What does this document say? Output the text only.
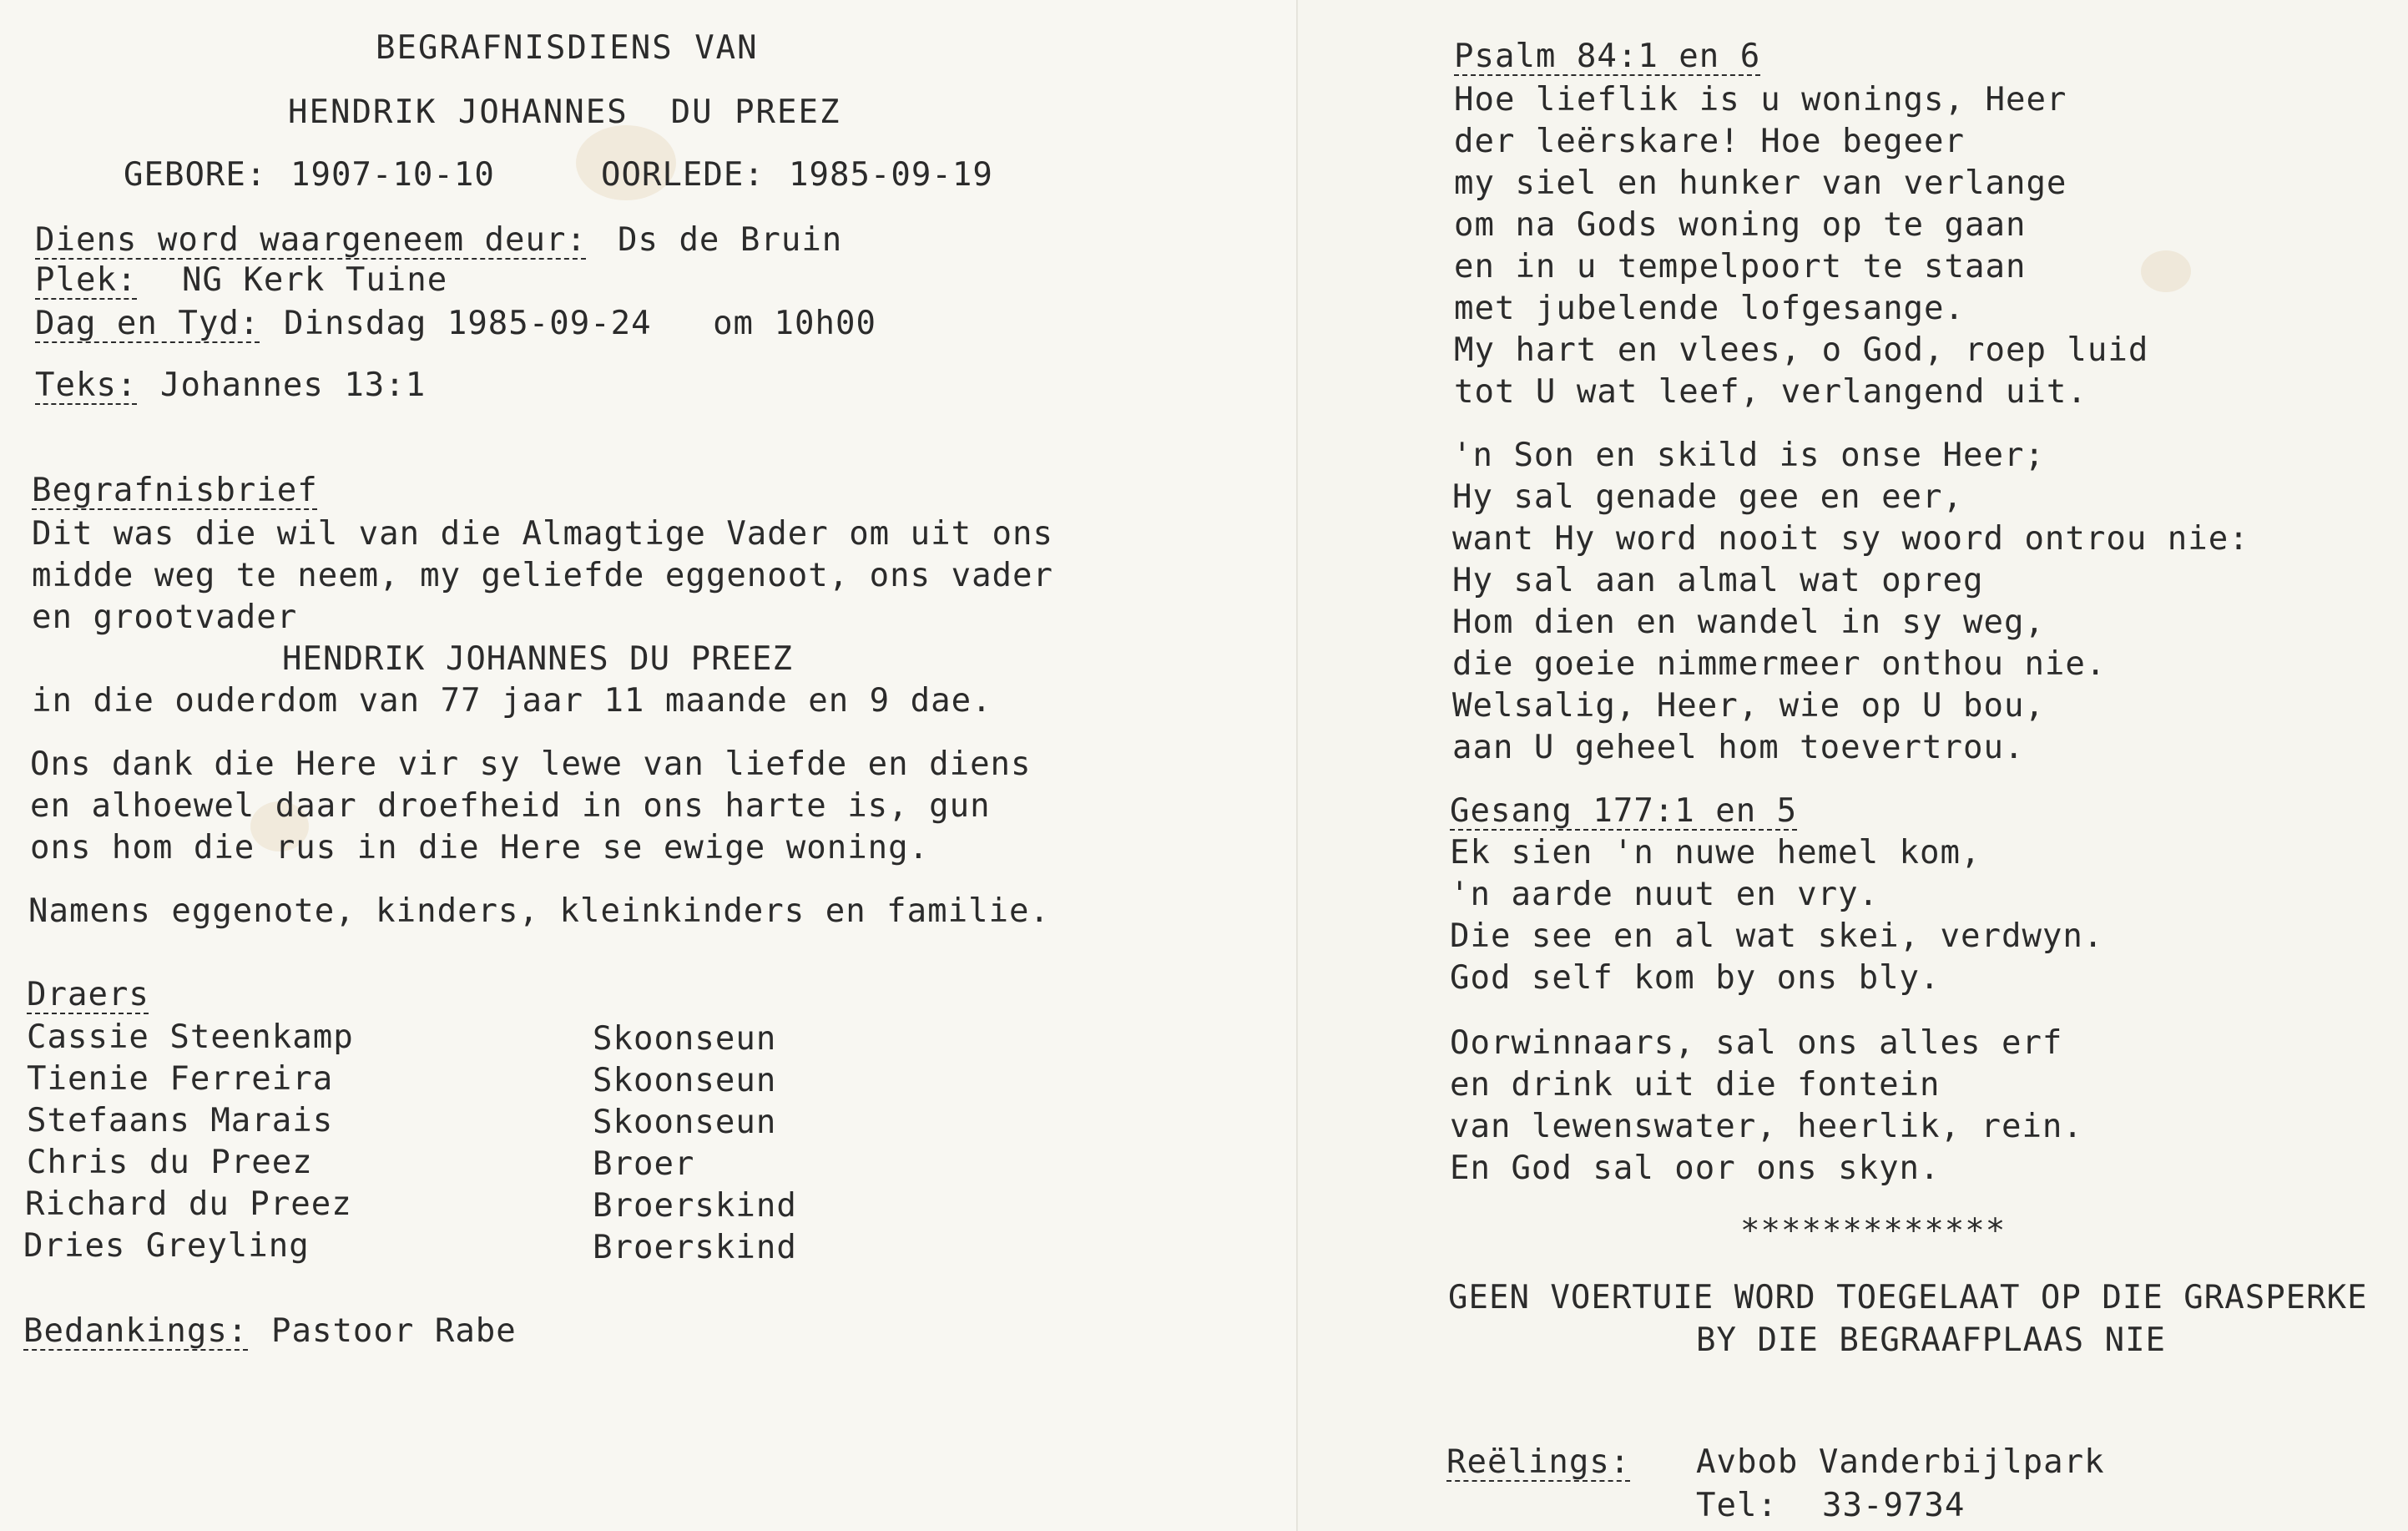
BEGRAFNISDIENS VAN
HENDRIK JOHANNES  DU PREEZ
GEBORE: 1907-10-10	OORLEDE: 1985-09-19
Diens word waargeneem deur: Ds de Bruin
Plek: NG Kerk Tuine
Dag en Tyd: Dinsdag 1985-09-24   om 10h00
Teks: Johannes 13:1
Begrafnisbrief
Dit was die wil van die Almagtige Vader om uit ons
midde weg te neem, my geliefde eggenoot, ons vader
en grootvader
HENDRIK JOHANNES DU PREEZ
in die ouderdom van 77 jaar 11 maande en 9 dae.
Ons dank die Here vir sy lewe van liefde en diens
en alhoewel daar droefheid in ons harte is, gun
ons hom die rus in die Here se ewige woning.
Namens eggenote, kinders, kleinkinders en familie.
Draers
Cassie Steenkamp	Skoonseun
Tienie Ferreira	Skoonseun
Stefaans Marais	Skoonseun
Chris du Preez	Broer
Richard du Preez	Broerskind
Dries Greyling	Broerskind
Bedankings: Pastoor Rabe
Psalm 84:1 en 6
Hoe lieflik is u wonings, Heer
der leërskare! Hoe begeer
my siel en hunker van verlange
om na Gods woning op te gaan
en in u tempelpoort te staan
met jubelende lofgesange.
My hart en vlees, o God, roep luid
tot U wat leef, verlangend uit.
'n Son en skild is onse Heer;
Hy sal genade gee en eer,
want Hy word nooit sy woord ontrou nie:
Hy sal aan almal wat opreg
Hom dien en wandel in sy weg,
die goeie nimmermeer onthou nie.
Welsalig, Heer, wie op U bou,
aan U geheel hom toevertrou.
Gesang 177:1 en 5
Ek sien 'n nuwe hemel kom,
'n aarde nuut en vry.
Die see en al wat skei, verdwyn.
God self kom by ons bly.
Oorwinnaars, sal ons alles erf
en drink uit die fontein
van lewenswater, heerlik, rein.
En God sal oor ons skyn.
*************
GEEN VOERTUIE WORD TOEGELAAT OP DIE GRASPERKE
BY DIE BEGRAAFPLAAS NIE
Reëlings: Avbob Vanderbijlpark
Tel: 33-9734
